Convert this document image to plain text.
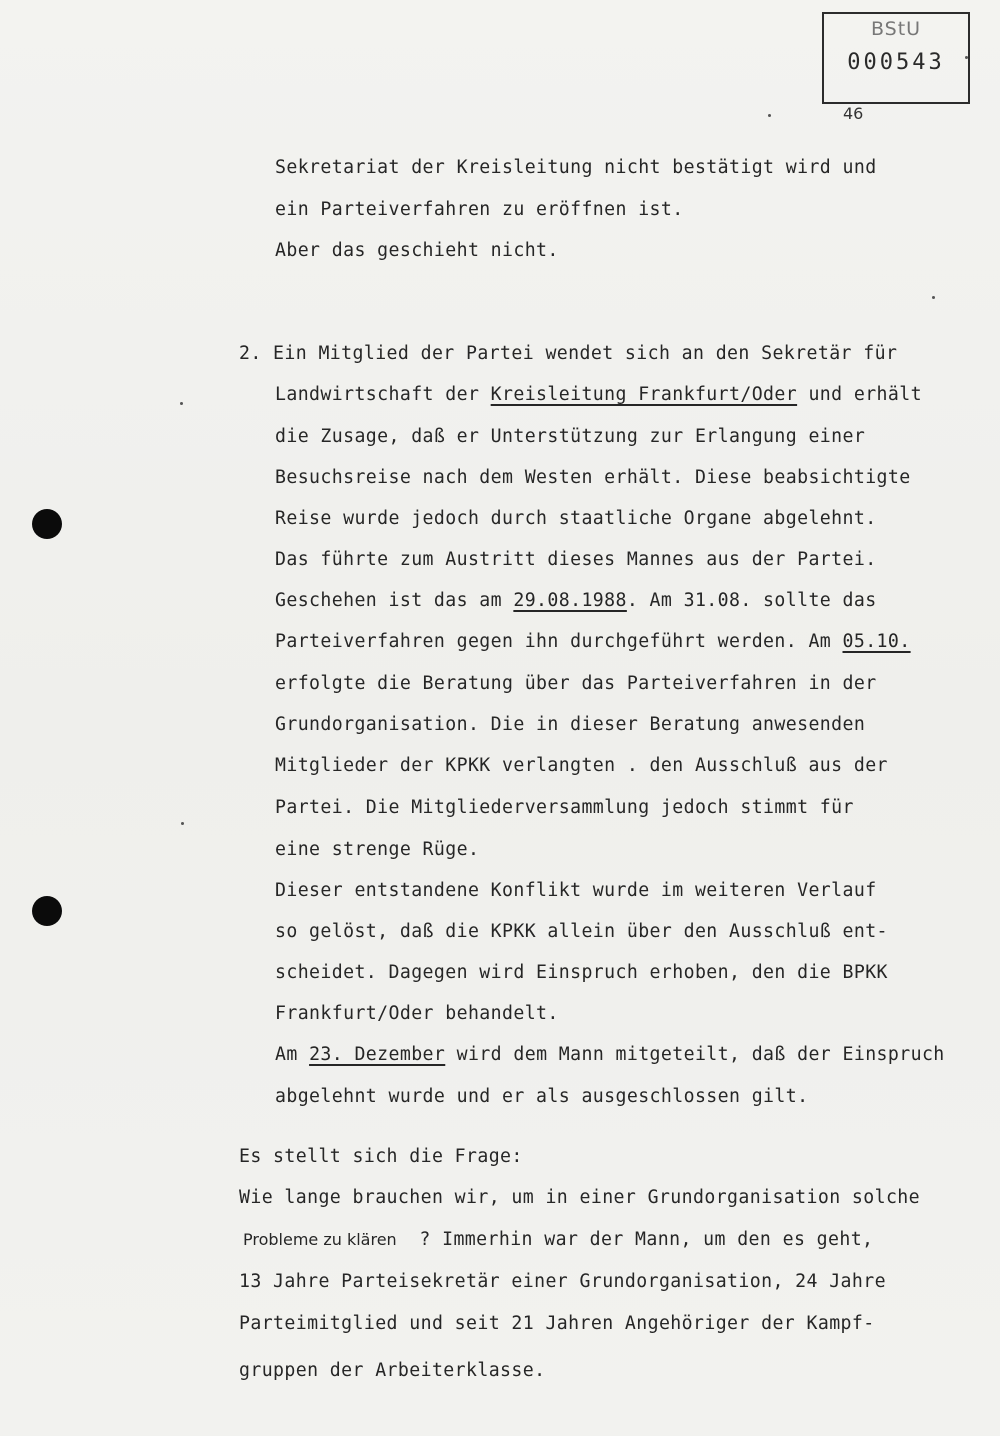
BStU
000543
46
Sekretariat der Kreisleitung nicht bestätigt wird und
ein Parteiverfahren zu eröffnen ist.
Aber das geschieht nicht.
2. Ein Mitglied der Partei wendet sich an den Sekretär für
Landwirtschaft der Kreisleitung Frankfurt/Oder und erhält
die Zusage, daß er Unterstützung zur Erlangung einer
Besuchsreise nach dem Westen erhält. Diese beabsichtigte
Reise wurde jedoch durch staatliche Organe abgelehnt.
Das führte zum Austritt dieses Mannes aus der Partei.
Geschehen ist das am 29.08.1988. Am 31.08. sollte das
Parteiverfahren gegen ihn durchgeführt werden. Am 05.10.
erfolgte die Beratung über das Parteiverfahren in der
Grundorganisation. Die in dieser Beratung anwesenden
Mitglieder der KPKK verlangten . den Ausschluß aus der
Partei. Die Mitgliederversammlung jedoch stimmt für
eine strenge Rüge.
Dieser entstandene Konflikt wurde im weiteren Verlauf
so gelöst, daß die KPKK allein über den Ausschluß ent-
scheidet. Dagegen wird Einspruch erhoben, den die BPKK
Frankfurt/Oder behandelt.
Am 23. Dezember wird dem Mann mitgeteilt, daß der Einspruch
abgelehnt wurde und er als ausgeschlossen gilt.
Es stellt sich die Frage:
Wie lange brauchen wir, um in einer Grundorganisation solche
Probleme zu klären  ? Immerhin war der Mann, um den es geht,
13 Jahre Parteisekretär einer Grundorganisation, 24 Jahre
Parteimitglied und seit 21 Jahren Angehöriger der Kampf-
gruppen der Arbeiterklasse.
